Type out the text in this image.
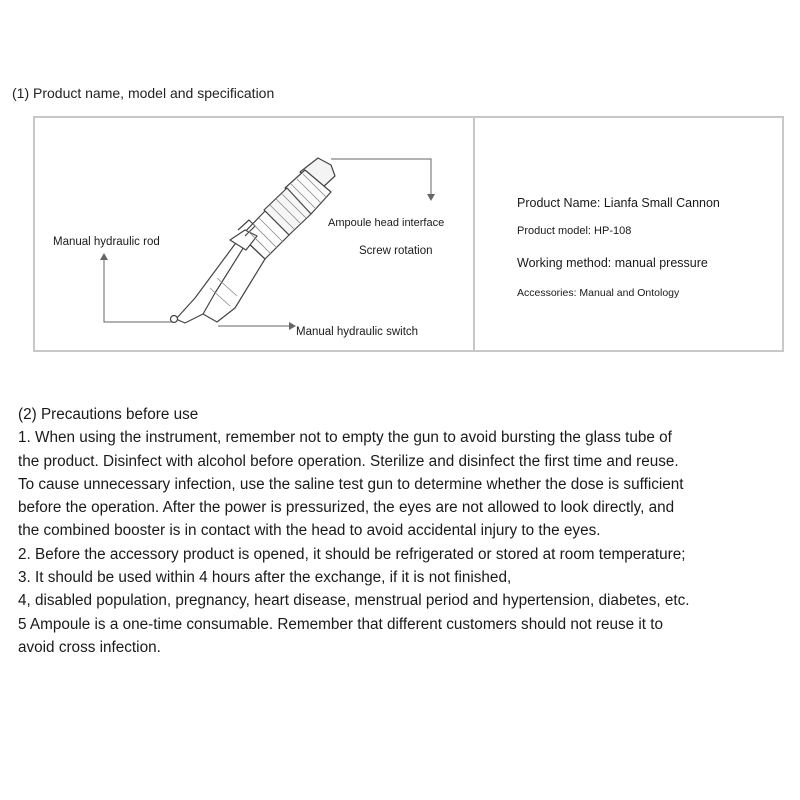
(1) Product name, model and specification
Manual hydraulic rod
Ampoule head interface
Screw rotation
Manual hydraulic switch
Product Name: Lianfa Small Cannon
Product model: HP-108
Working method: manual pressure
Accessories: Manual and Ontology
(2) Precautions before use
1. When using the instrument, remember not to empty the gun to avoid bursting the glass tube of
the product. Disinfect with alcohol before operation. Sterilize and disinfect the first time and reuse.
To cause unnecessary infection, use the saline test gun to determine whether the dose is sufficient
before the operation. After the power is pressurized, the eyes are not allowed to look directly, and
the combined booster is in contact with the head to avoid accidental injury to the eyes.
2. Before the accessory product is opened, it should be refrigerated or stored at room temperature;
3. It should be used within 4 hours after the exchange, if it is not finished,
4, disabled population, pregnancy, heart disease, menstrual period and hypertension, diabetes, etc.
5 Ampoule is a one-time consumable. Remember that different customers should not reuse it to
avoid cross infection.
